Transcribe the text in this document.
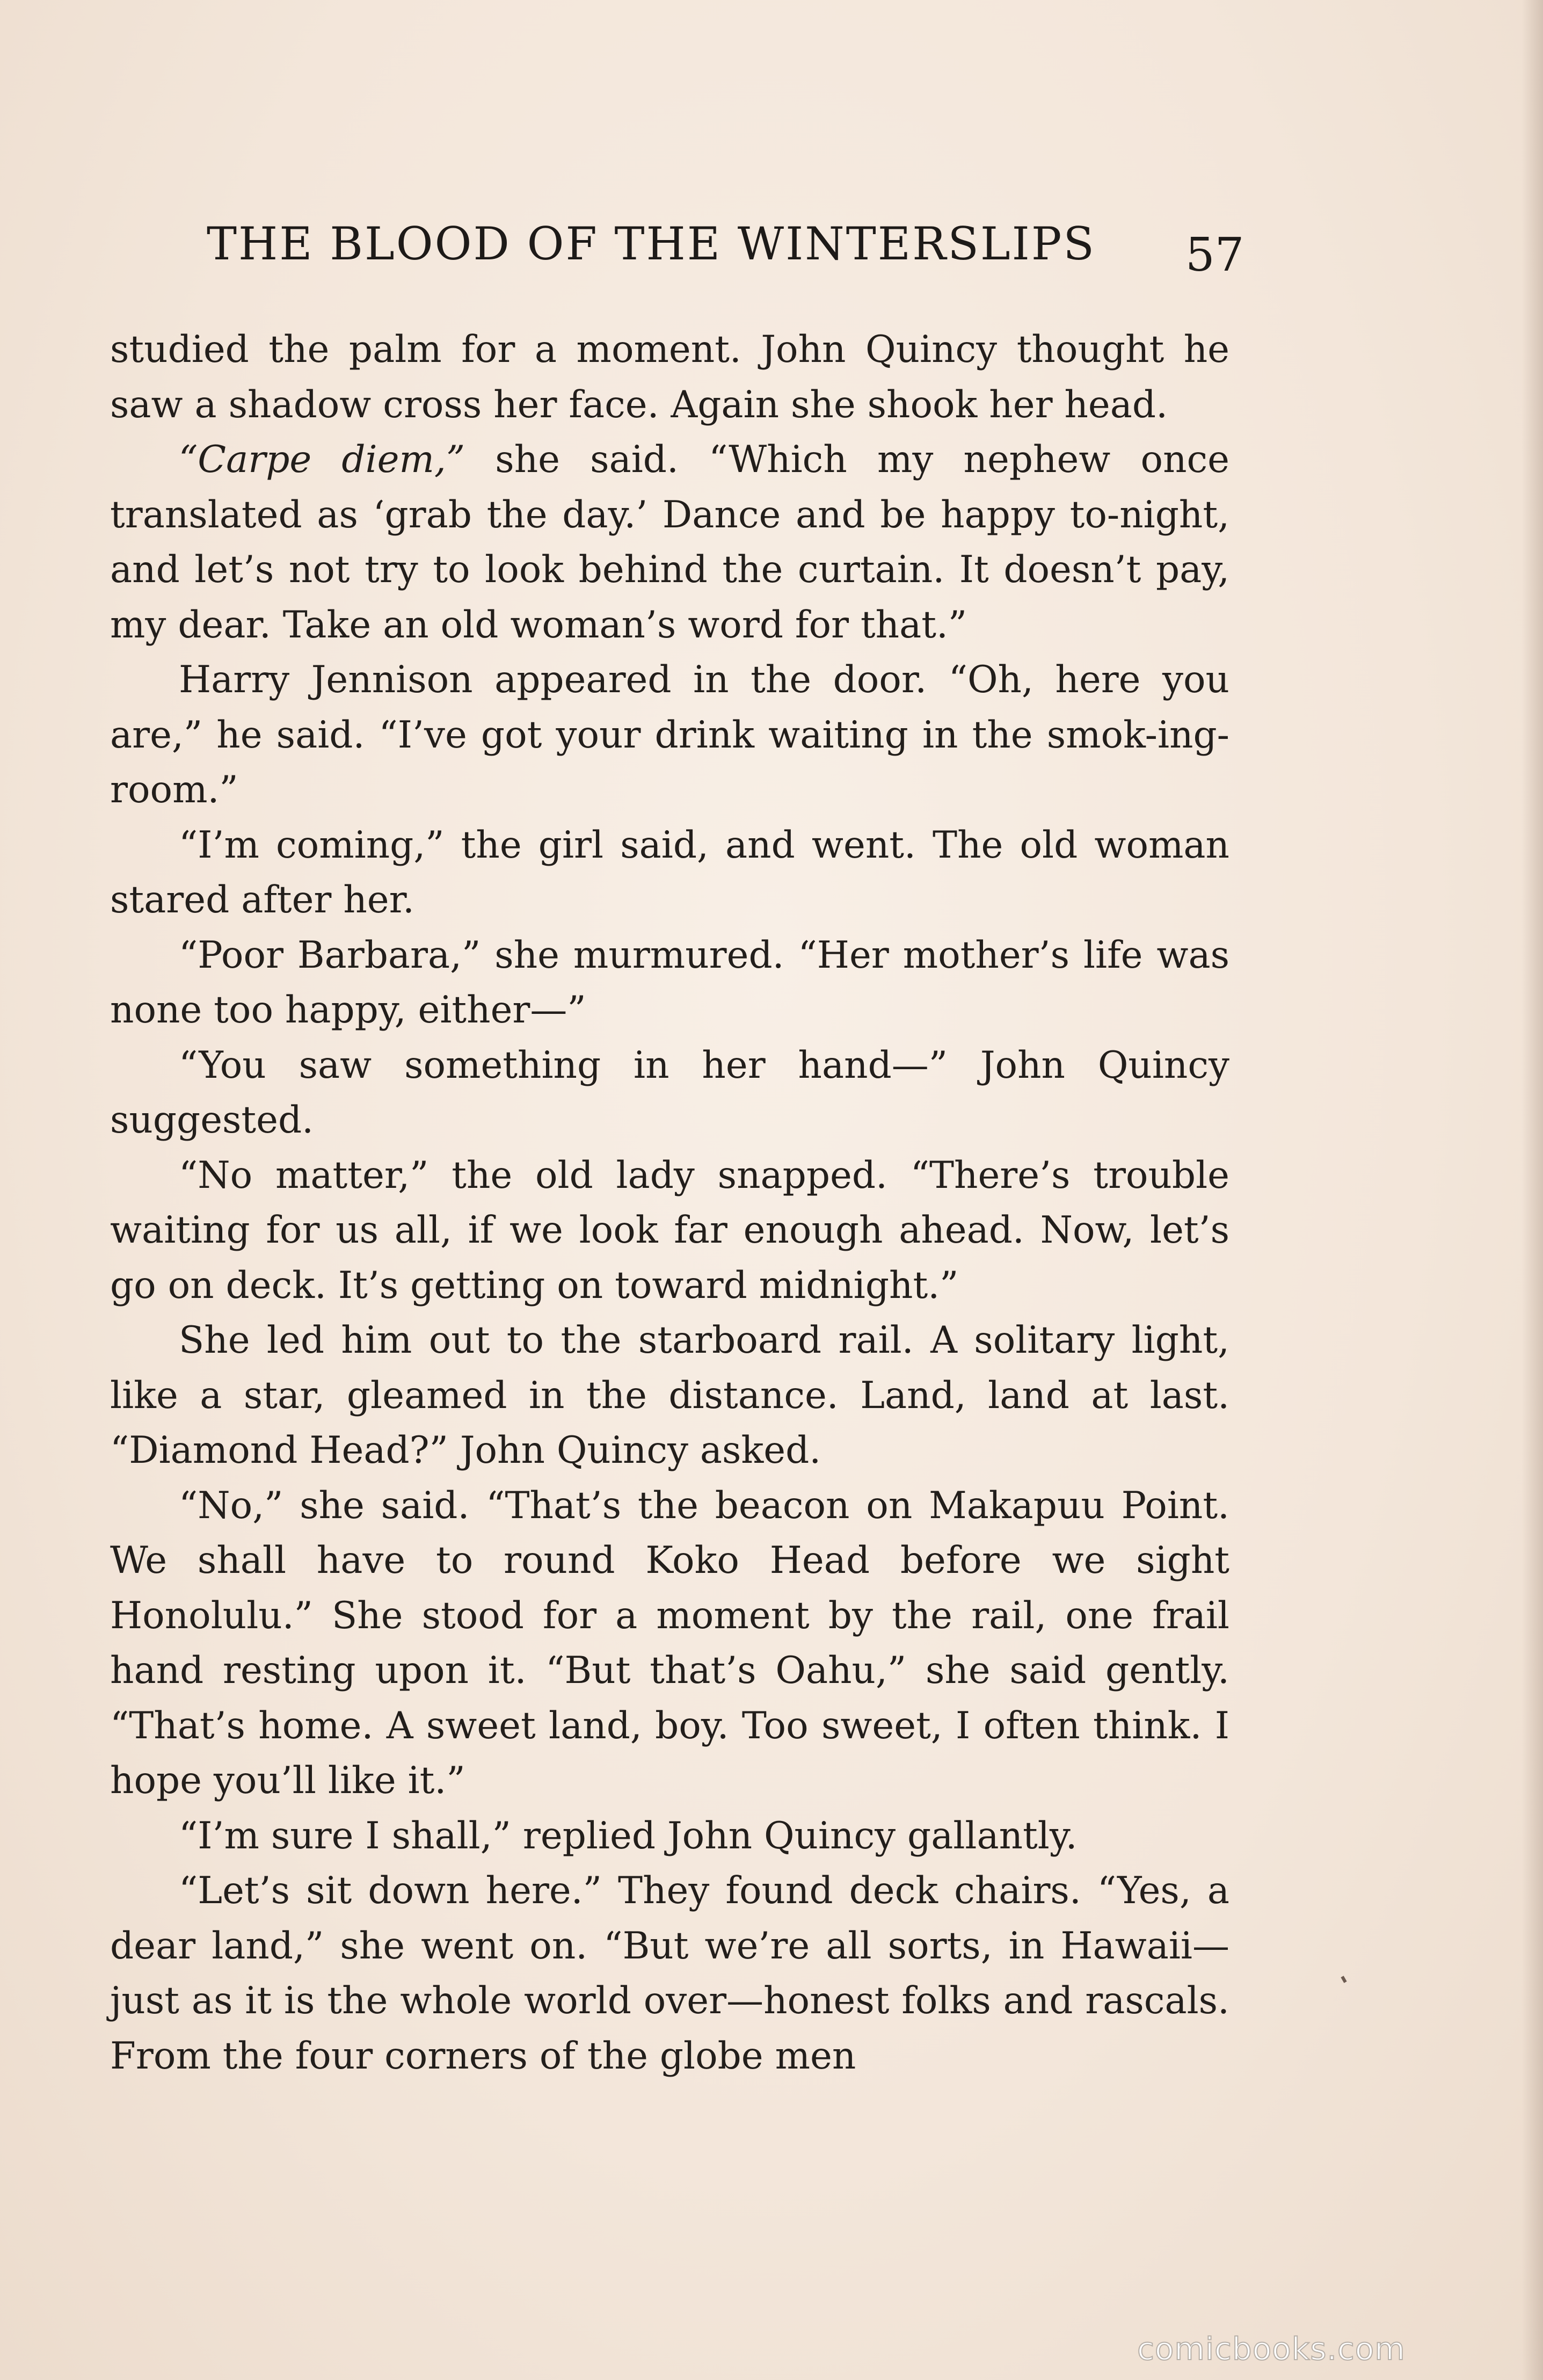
THE BLOOD OF THE WINTERSLIPS	57

studied the palm for a moment. John Quincy thought he saw a shadow cross her face. Again she shook her head.

“Carpe diem,” she said. “Which my nephew once translated as ‘grab the day.’ Dance and be happy to-night, and let’s not try to look behind the curtain. It doesn’t pay, my dear. Take an old woman’s word for that.”

Harry Jennison appeared in the door. “Oh, here you are,” he said. “I’ve got your drink waiting in the smok-ing-room.”

“I’m coming,” the girl said, and went. The old woman stared after her.

“Poor Barbara,” she murmured. “Her mother’s life was none too happy, either—”

“You saw something in her hand—” John Quincy suggested.

“No matter,” the old lady snapped. “There’s trouble waiting for us all, if we look far enough ahead. Now, let’s go on deck. It’s getting on toward midnight.”

She led him out to the starboard rail. A solitary light, like a star, gleamed in the distance. Land, land at last. “Diamond Head?” John Quincy asked.

“No,” she said. “That’s the beacon on Makapuu Point. We shall have to round Koko Head before we sight Honolulu.” She stood for a moment by the rail, one frail hand resting upon it. “But that’s Oahu,” she said gently. “That’s home. A sweet land, boy. Too sweet, I often think. I hope you’ll like it.”

“I’m sure I shall,” replied John Quincy gallantly.

“Let’s sit down here.” They found deck chairs. “Yes, a dear land,” she went on. “But we’re all sorts, in Hawaii—just as it is the whole world over—honest folks and rascals. From the four corners of the globe men

comicbooks.com
